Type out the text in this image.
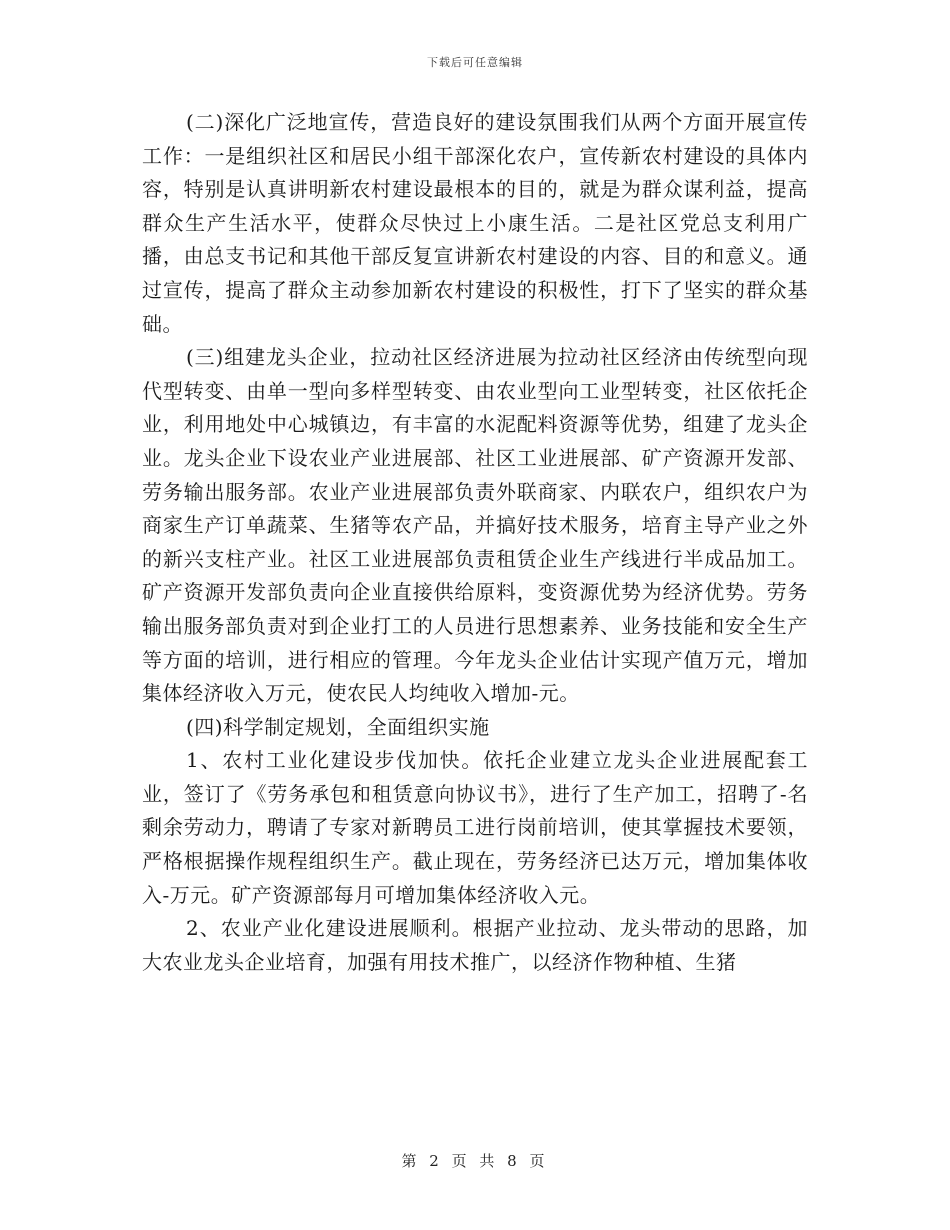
下载后可任意编辑

(二)深化广泛地宣传，营造良好的建设氛围我们从两个方面开展宣传工作：一是组织社区和居民小组干部深化农户，宣传新农村建设的具体内容，特别是认真讲明新农村建设最根本的目的，就是为群众谋利益，提高群众生产生活水平，使群众尽快过上小康生活。二是社区党总支利用广播，由总支书记和其他干部反复宣讲新农村建设的内容、目的和意义。通过宣传，提高了群众主动参加新农村建设的积极性，打下了坚实的群众基础。

(三)组建龙头企业，拉动社区经济进展为拉动社区经济由传统型向现代型转变、由单一型向多样型转变、由农业型向工业型转变，社区依托企业，利用地处中心城镇边，有丰富的水泥配料资源等优势，组建了龙头企业。龙头企业下设农业产业进展部、社区工业进展部、矿产资源开发部、劳务输出服务部。农业产业进展部负责外联商家、内联农户，组织农户为商家生产订单蔬菜、生猪等农产品，并搞好技术服务，培育主导产业之外的新兴支柱产业。社区工业进展部负责租赁企业生产线进行半成品加工。矿产资源开发部负责向企业直接供给原料，变资源优势为经济优势。劳务输出服务部负责对到企业打工的人员进行思想素养、业务技能和安全生产等方面的培训，进行相应的管理。今年龙头企业估计实现产值万元，增加集体经济收入万元，使农民人均纯收入增加-元。

(四)科学制定规划，全面组织实施

1、农村工业化建设步伐加快。依托企业建立龙头企业进展配套工业，签订了《劳务承包和租赁意向协议书》，进行了生产加工，招聘了-名剩余劳动力，聘请了专家对新聘员工进行岗前培训，使其掌握技术要领，严格根据操作规程组织生产。截止现在，劳务经济已达万元，增加集体收入-万元。矿产资源部每月可增加集体经济收入元。

2、农业产业化建设进展顺利。根据产业拉动、龙头带动的思路，加大农业龙头企业培育，加强有用技术推广，以经济作物种植、生猪

第 2 页 共 8 页
